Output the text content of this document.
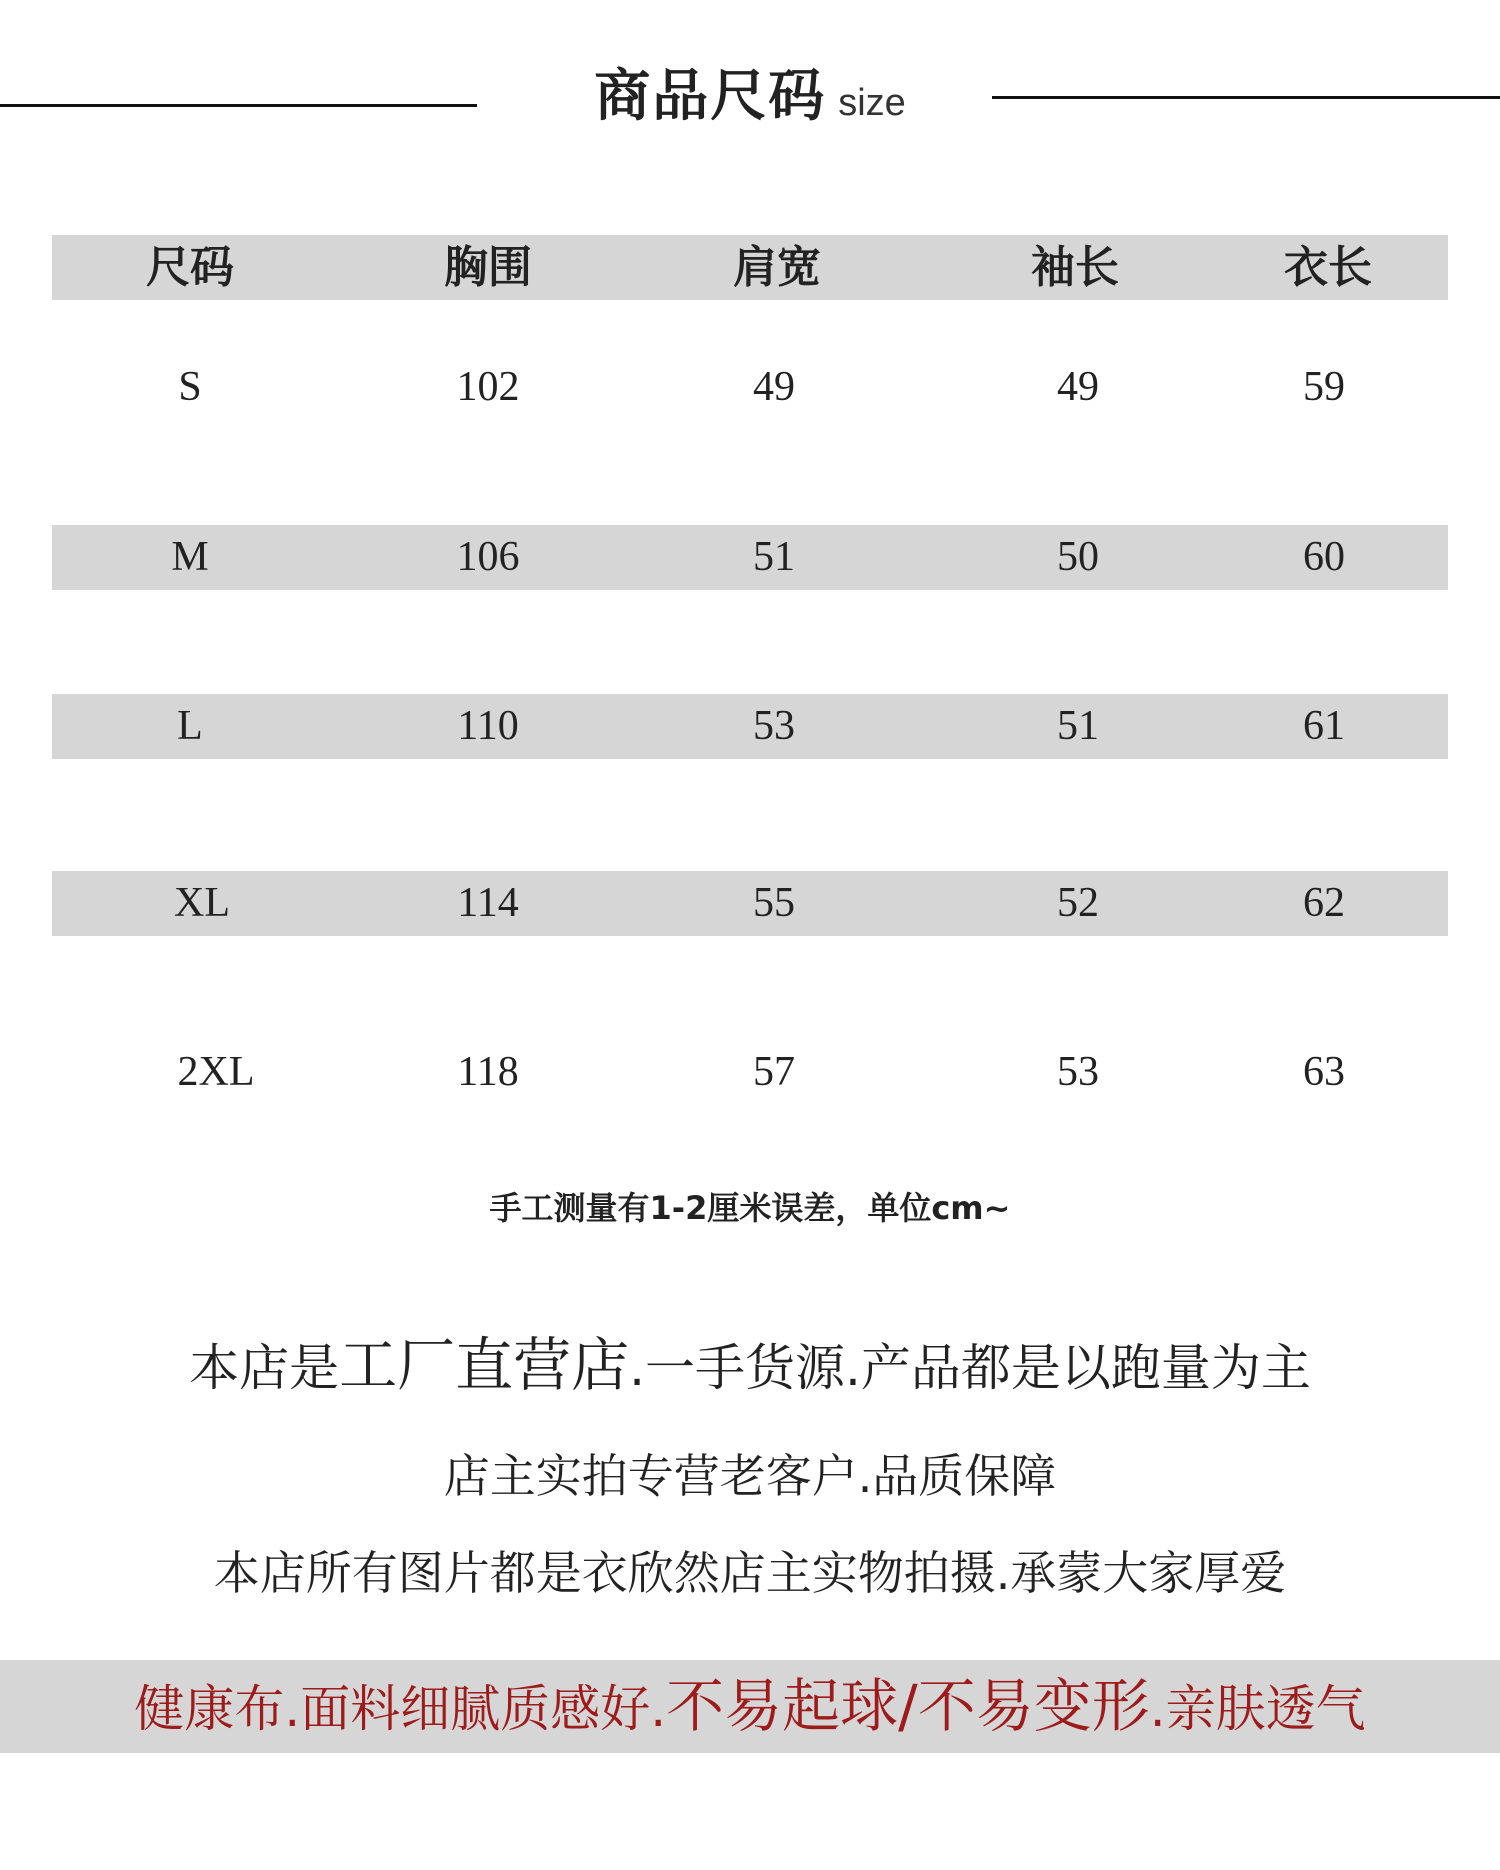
商品尺码 size
尺码	胸围	肩宽	袖长	衣长
S	102	49	49	59
M	106	51	50	60
L	110	53	51	61
XL	114	55	52	62
2XL	118	57	53	63
手工测量有1-2厘米误差，单位cm~
本店是工厂直营店.一手货源.产品都是以跑量为主
店主实拍专营老客户.品质保障
本店所有图片都是衣欣然店主实物拍摄.承蒙大家厚爱
健康布.面料细腻质感好.不易起球/不易变形.亲肤透气
